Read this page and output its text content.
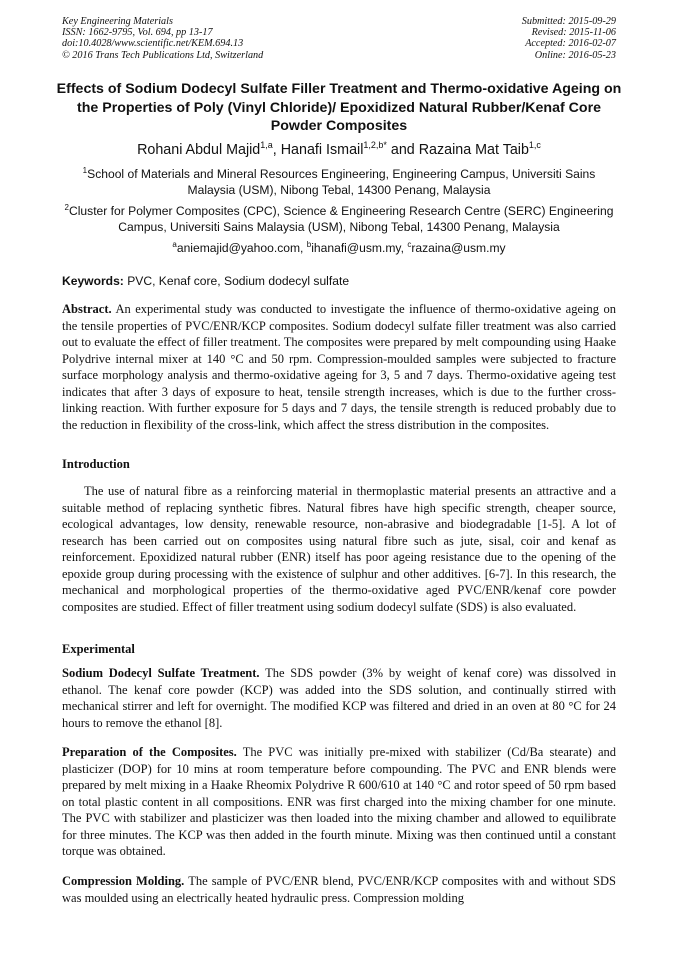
Key Engineering Materials
ISSN: 1662-9795, Vol. 694, pp 13-17
doi:10.4028/www.scientific.net/KEM.694.13
© 2016 Trans Tech Publications Ltd, Switzerland
Submitted: 2015-09-29
Revised: 2015-11-06
Accepted: 2016-02-07
Online: 2016-05-23
Effects of Sodium Dodecyl Sulfate Filler Treatment and Thermo-oxidative Ageing on the Properties of Poly (Vinyl Chloride)/ Epoxidized Natural Rubber/Kenaf Core Powder Composites
Rohani Abdul Majid$^{1,a}$, Hanafi Ismail$^{1,2,b*}$ and Razaina Mat Taib$^{1,c}$
$^1$School of Materials and Mineral Resources Engineering, Engineering Campus, Universiti Sains Malaysia (USM), Nibong Tebal, 14300 Penang, Malaysia
$^2$Cluster for Polymer Composites (CPC), Science & Engineering Research Centre (SERC) Engineering Campus, Universiti Sains Malaysia (USM), Nibong Tebal, 14300 Penang, Malaysia
$^a$aniemajid@yahoo.com, $^b$ihanafi@usm.my, $^c$razaina@usm.my
Keywords: PVC, Kenaf core, Sodium dodecyl sulfate
Abstract. An experimental study was conducted to investigate the influence of thermo-oxidative ageing on the tensile properties of PVC/ENR/KCP composites. Sodium dodecyl sulfate filler treatment was also carried out to evaluate the effect of filler treatment. The composites were prepared by melt compounding using Haake Polydrive internal mixer at 140 °C and 50 rpm. Compression-moulded samples were subjected to fracture surface morphology analysis and thermo-oxidative ageing for 3, 5 and 7 days. Thermo-oxidative ageing test indicates that after 3 days of exposure to heat, tensile strength increases, which is due to the further cross-linking reaction. With further exposure for 5 days and 7 days, the tensile strength is reduced probably due to the reduction in flexibility of the cross-link, which affect the stress distribution in the composites.
Introduction
The use of natural fibre as a reinforcing material in thermoplastic material presents an attractive and a suitable method of replacing synthetic fibres. Natural fibres have high specific strength, cheaper source, ecological advantages, low density, renewable resource, non-abrasive and biodegradable [1-5]. A lot of research has been carried out on composites using natural fibre such as jute, sisal, coir and kenaf as reinforcement. Epoxidized natural rubber (ENR) itself has poor ageing resistance due to the opening of the epoxide group during processing with the existence of sulphur and other additives. [6-7]. In this research, the mechanical and morphological properties of the thermo-oxidative aged PVC/ENR/kenaf core powder composites are studied. Effect of filler treatment using sodium dodecyl sulfate (SDS) is also evaluated.
Experimental
Sodium Dodecyl Sulfate Treatment. The SDS powder (3% by weight of kenaf core) was dissolved in ethanol. The kenaf core powder (KCP) was added into the SDS solution, and continually stirred with mechanical stirrer and left for overnight. The modified KCP was filtered and dried in an oven at 80 °C for 24 hours to remove the ethanol [8].
Preparation of the Composites. The PVC was initially pre-mixed with stabilizer (Cd/Ba stearate) and plasticizer (DOP) for 10 mins at room temperature before compounding. The PVC and ENR blends were prepared by melt mixing in a Haake Rheomix Polydrive R 600/610 at 140 °C and rotor speed of 50 rpm based on total plastic content in all compositions. ENR was first charged into the mixing chamber for one minute. The PVC with stabilizer and plasticizer was then loaded into the mixing chamber and allowed to equilibrate for three minutes. The KCP was then added in the fourth minute. Mixing was then continued until a constant torque was obtained.
Compression Molding. The sample of PVC/ENR blend, PVC/ENR/KCP composites with and without SDS was moulded using an electrically heated hydraulic press. Compression molding
